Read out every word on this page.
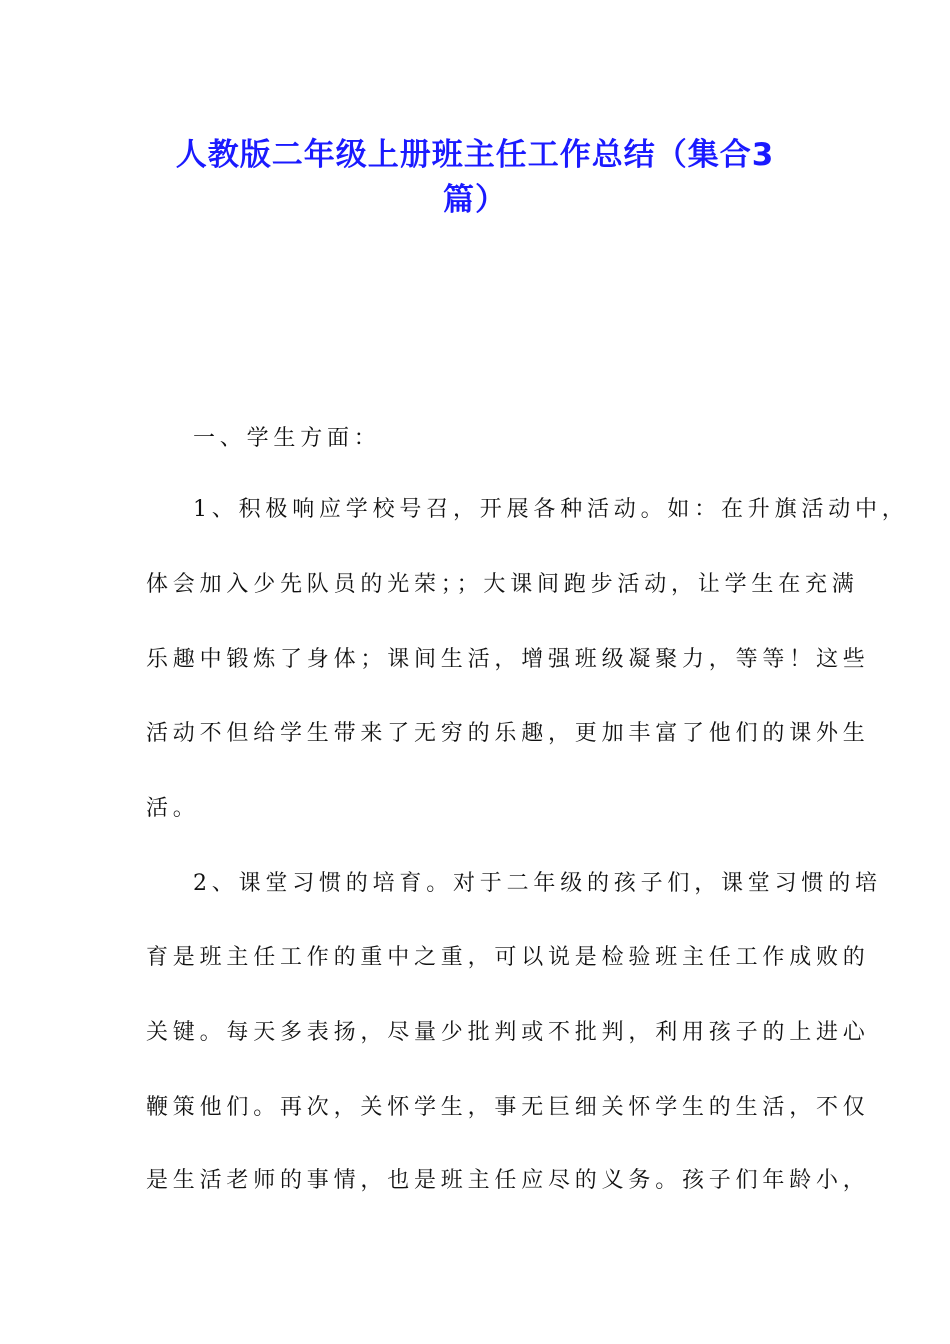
人教版二年级上册班主任工作总结（集合3
篇）
一、学生方面：
1、积极响应学校号召，开展各种活动。如：在升旗活动中，
体会加入少先队员的光荣；；大课间跑步活动，让学生在充满
乐趣中锻炼了身体；课间生活，增强班级凝聚力，等等！这些
活动不但给学生带来了无穷的乐趣，更加丰富了他们的课外生
活。
2、课堂习惯的培育。对于二年级的孩子们，课堂习惯的培
育是班主任工作的重中之重，可以说是检验班主任工作成败的
关键。每天多表扬，尽量少批判或不批判，利用孩子的上进心
鞭策他们。再次，关怀学生，事无巨细关怀学生的生活，不仅
是生活老师的事情，也是班主任应尽的义务。孩子们年龄小，
